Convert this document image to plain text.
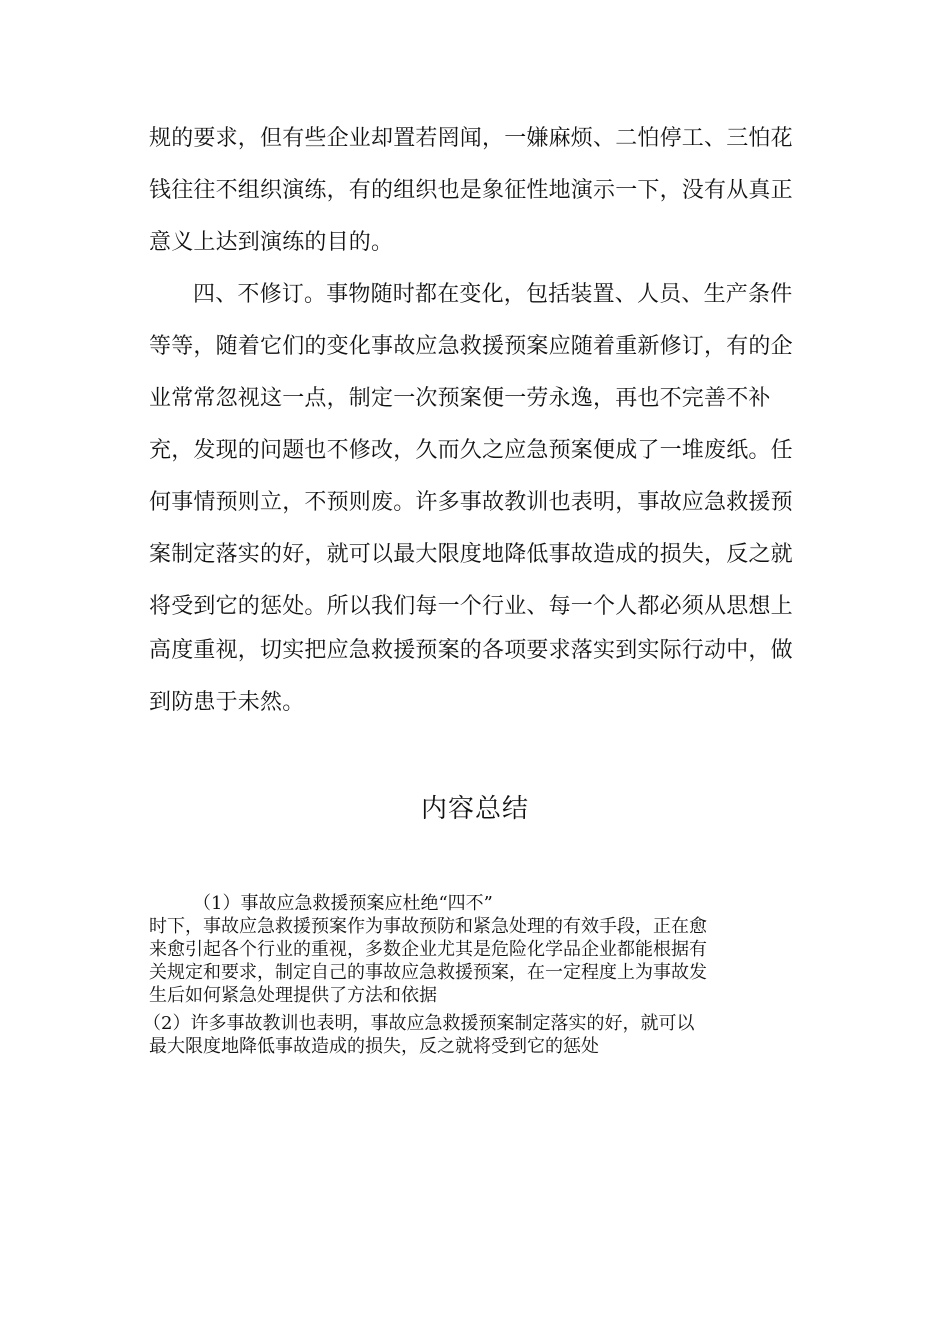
规的要求，但有些企业却置若罔闻，一嫌麻烦、二怕停工、三怕花
钱往往不组织演练，有的组织也是象征性地演示一下，没有从真正
意义上达到演练的目的。
四、不修订。事物随时都在变化，包括装置、人员、生产条件
等等，随着它们的变化事故应急救援预案应随着重新修订，有的企
业常常忽视这一点，制定一次预案便一劳永逸，再也不完善不补
充，发现的问题也不修改，久而久之应急预案便成了一堆废纸。任
何事情预则立，不预则废。许多事故教训也表明，事故应急救援预
案制定落实的好，就可以最大限度地降低事故造成的损失，反之就
将受到它的惩处。所以我们每一个行业、每一个人都必须从思想上
高度重视，切实把应急救援预案的各项要求落实到实际行动中，做
到防患于未然。
内容总结
（1）事故应急救援预案应杜绝“四不”
时下，事故应急救援预案作为事故预防和紧急处理的有效手段，正在愈
来愈引起各个行业的重视，多数企业尤其是危险化学品企业都能根据有
关规定和要求，制定自己的事故应急救援预案，在一定程度上为事故发
生后如何紧急处理提供了方法和依据
（2）许多事故教训也表明，事故应急救援预案制定落实的好，就可以
最大限度地降低事故造成的损失，反之就将受到它的惩处
